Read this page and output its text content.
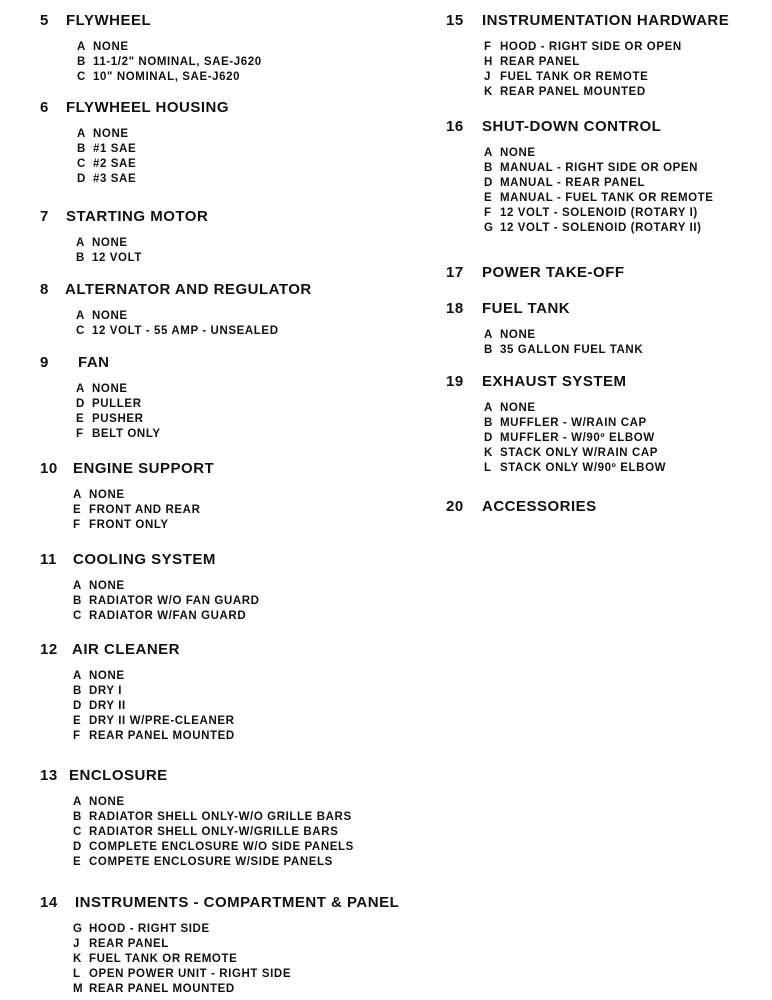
5 FLYWHEEL
A NONE
B 11-1/2" NOMINAL, SAE-J620
C 10" NOMINAL, SAE-J620
6 FLYWHEEL HOUSING
A NONE
B #1 SAE
C #2 SAE
D #3 SAE
7 STARTING MOTOR
A NONE
B 12 VOLT
8 ALTERNATOR AND REGULATOR
A NONE
C 12 VOLT - 55 AMP - UNSEALED
9 FAN
A NONE
D PULLER
E PUSHER
F BELT ONLY
10 ENGINE SUPPORT
A NONE
E FRONT AND REAR
F FRONT ONLY
11 COOLING SYSTEM
A NONE
B RADIATOR W/O FAN GUARD
C RADIATOR W/FAN GUARD
12 AIR CLEANER
A NONE
B DRY I
D DRY II
E DRY II W/PRE-CLEANER
F REAR PANEL MOUNTED
13 ENCLOSURE
A NONE
B RADIATOR SHELL ONLY-W/O GRILLE BARS
C RADIATOR SHELL ONLY-W/GRILLE BARS
D COMPLETE ENCLOSURE W/O SIDE PANELS
E COMPETE ENCLOSURE W/SIDE PANELS
14 INSTRUMENTS - COMPARTMENT & PANEL
G HOOD - RIGHT SIDE
J REAR PANEL
K FUEL TANK OR REMOTE
L OPEN POWER UNIT - RIGHT SIDE
M REAR PANEL MOUNTED
15 INSTRUMENTATION HARDWARE
F HOOD - RIGHT SIDE OR OPEN
H REAR PANEL
J FUEL TANK OR REMOTE
K REAR PANEL MOUNTED
16 SHUT-DOWN CONTROL
A NONE
B MANUAL - RIGHT SIDE OR OPEN
D MANUAL - REAR PANEL
E MANUAL - FUEL TANK OR REMOTE
F 12 VOLT - SOLENOID (ROTARY I)
G 12 VOLT - SOLENOID (ROTARY II)
17 POWER TAKE-OFF
18 FUEL TANK
A NONE
B 35 GALLON FUEL TANK
19 EXHAUST SYSTEM
A NONE
B MUFFLER - W/RAIN CAP
D MUFFLER - W/90º ELBOW
K STACK ONLY W/RAIN CAP
L STACK ONLY W/90º ELBOW
20 ACCESSORIES
